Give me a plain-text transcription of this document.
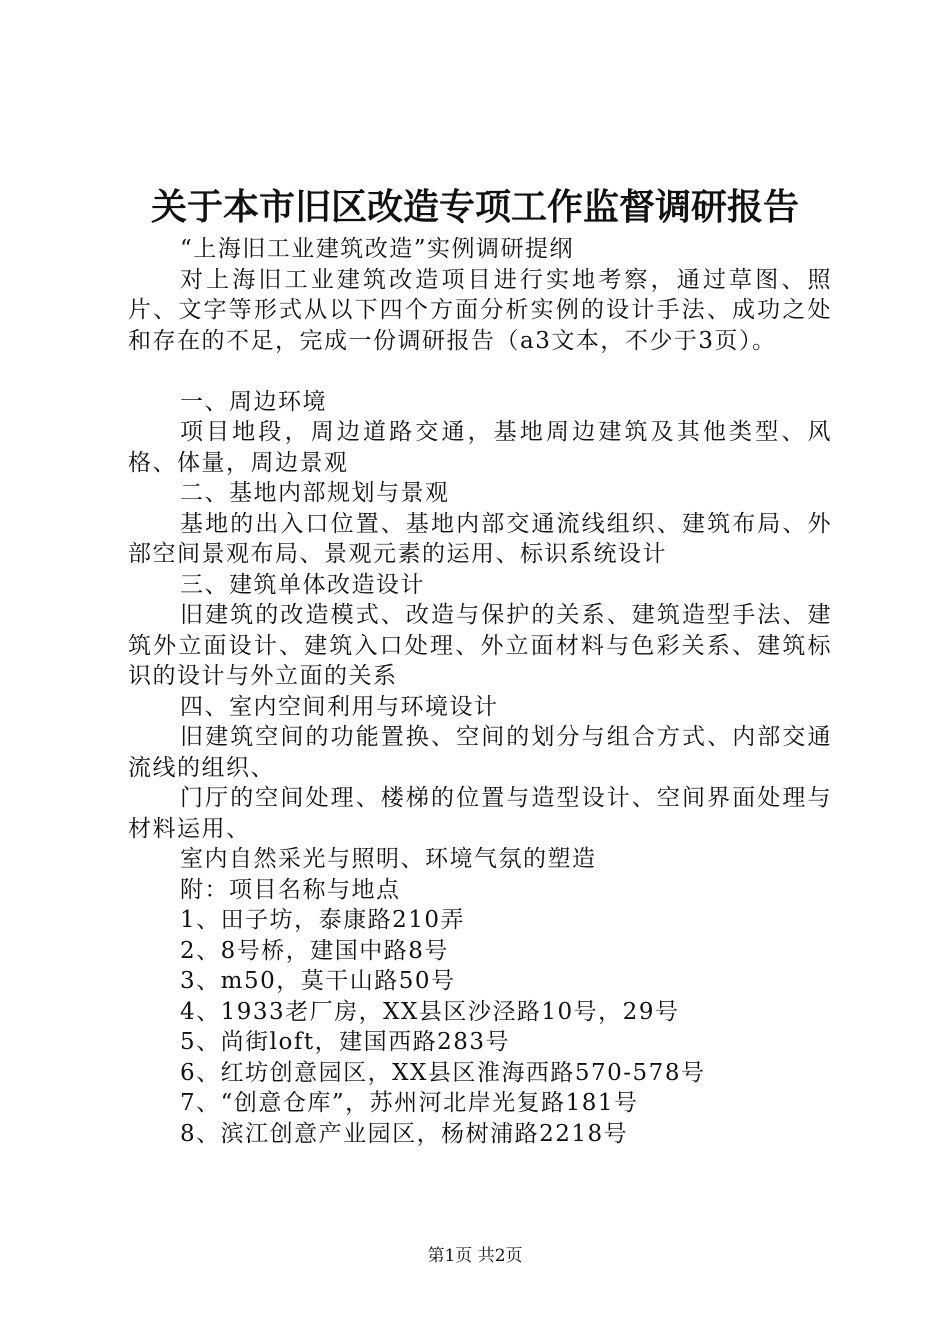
关于本市旧区改造专项工作监督调研报告

“上海旧工业建筑改造”实例调研提纲

对上海旧工业建筑改造项目进行实地考察，通过草图、照片、文字等形式从以下四个方面分析实例的设计手法、成功之处和存在的不足，完成一份调研报告（a3文本，不少于3页）。

一、周边环境

项目地段，周边道路交通，基地周边建筑及其他类型、风格、体量，周边景观

二、基地内部规划与景观

基地的出入口位置、基地内部交通流线组织、建筑布局、外部空间景观布局、景观元素的运用、标识系统设计

三、建筑单体改造设计

旧建筑的改造模式、改造与保护的关系、建筑造型手法、建筑外立面设计、建筑入口处理、外立面材料与色彩关系、建筑标识的设计与外立面的关系

四、室内空间利用与环境设计

旧建筑空间的功能置换、空间的划分与组合方式、内部交通流线的组织、

门厅的空间处理、楼梯的位置与造型设计、空间界面处理与材料运用、

室内自然采光与照明、环境气氛的塑造

附：项目名称与地点

1、田子坊，泰康路210弄

2、8号桥，建国中路8号

3、m50，莫干山路50号

4、1933老厂房，XX县区沙泾路10号，29号

5、尚街loft，建国西路283号

6、红坊创意园区，XX县区淮海西路570-578号

7、“创意仓库”，苏州河北岸光复路181号

8、滨江创意产业园区，杨树浦路2218号

第1页 共2页
